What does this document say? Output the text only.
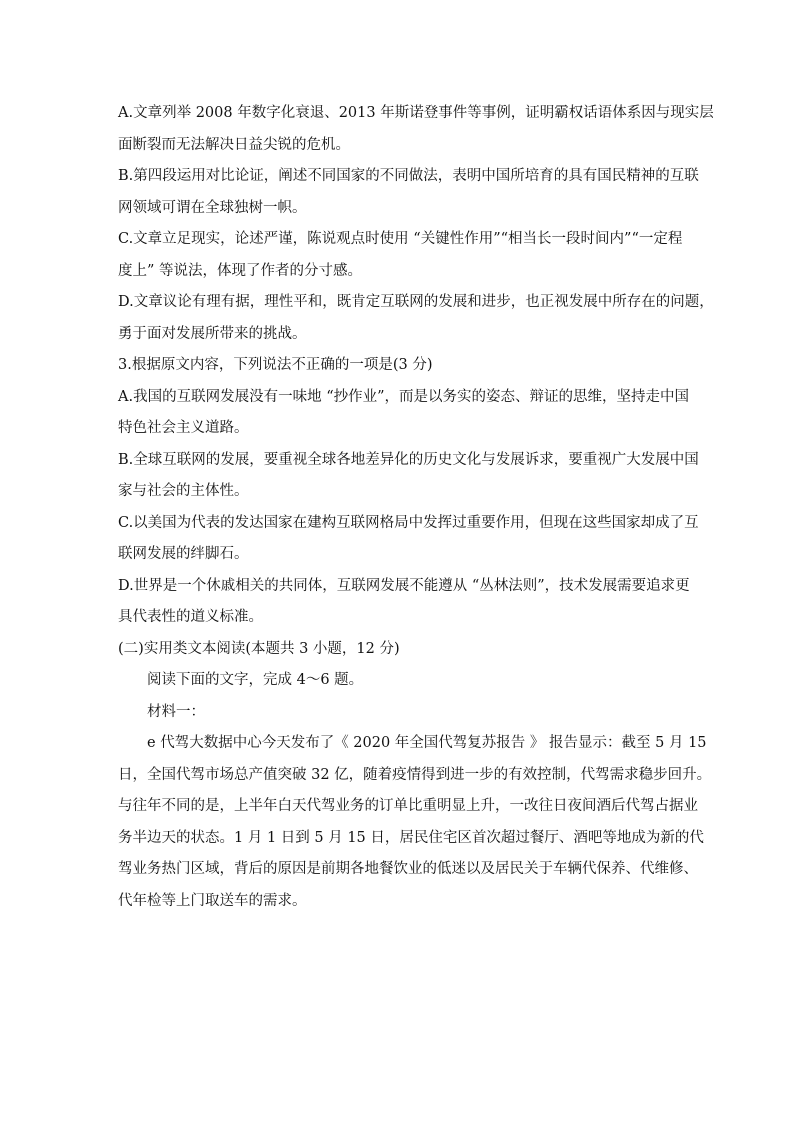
A.文章列举 2008 年数字化衰退、2013 年斯诺登事件等事例，证明霸权话语体系因与现实层
面断裂而无法解决日益尖锐的危机。
B.第四段运用对比论证，阐述不同国家的不同做法，表明中国所培育的具有国民精神的互联
网领域可谓在全球独树一帜。
C.文章立足现实，论述严谨，陈说观点时使用 “关键性作用”“相当长一段时间内”“一定程
度上” 等说法，体现了作者的分寸感。
D.文章议论有理有据，理性平和，既肯定互联网的发展和进步，也正视发展中所存在的问题，
勇于面对发展所带来的挑战。
3.根据原文内容，下列说法不正确的一项是(3 分)
A.我国的互联网发展没有一味地 “抄作业”，而是以务实的姿态、辩证的思维，坚持走中国
特色社会主义道路。
B.全球互联网的发展，要重视全球各地差异化的历史文化与发展诉求，要重视广大发展中国
家与社会的主体性。
C.以美国为代表的发达国家在建构互联网格局中发挥过重要作用，但现在这些国家却成了互
联网发展的绊脚石。
D.世界是一个休戚相关的共同体，互联网发展不能遵从 “丛林法则”，技术发展需要追求更
具代表性的道义标准。
(二)实用类文本阅读(本题共 3 小题，12 分)
阅读下面的文字，完成 4～6 题。
材料一：
e 代驾大数据中心今天发布了《 2020 年全国代驾复苏报告 》 报告显示：截至 5 月 15
日，全国代驾市场总产值突破 32 亿，随着疫情得到进一步的有效控制，代驾需求稳步回升。
与往年不同的是，上半年白天代驾业务的订单比重明显上升，一改往日夜间酒后代驾占据业
务半边天的状态。1 月 1 日到 5 月 15 日，居民住宅区首次超过餐厅、酒吧等地成为新的代
驾业务热门区域，背后的原因是前期各地餐饮业的低迷以及居民关于车辆代保养、代维修、
代年检等上门取送车的需求。
